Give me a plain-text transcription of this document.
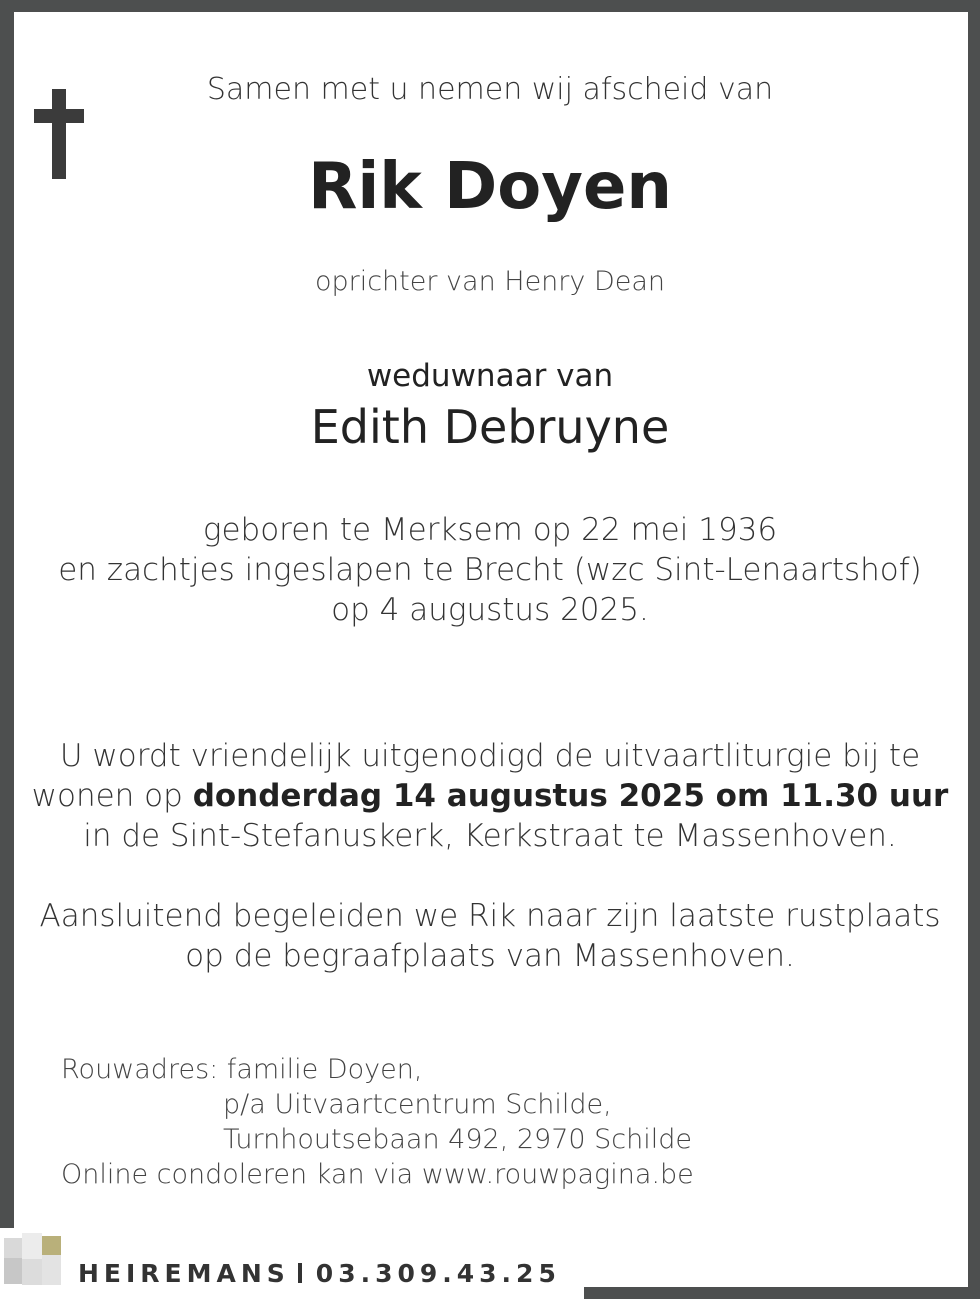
Samen met u nemen wij afscheid van
Rik Doyen
oprichter van Henry Dean
weduwnaar van
Edith Debruyne
geboren te Merksem op 22 mei 1936
en zachtjes ingeslapen te Brecht (wzc Sint-Lenaartshof)
op 4 augustus 2025.
U wordt vriendelijk uitgenodigd de uitvaartliturgie bij te
wonen op donderdag 14 augustus 2025 om 11.30 uur
in de Sint-Stefanuskerk, Kerkstraat te Massenhoven.
Aansluitend begeleiden we Rik naar zijn laatste rustplaats
op de begraafplaats van Massenhoven.
Rouwadres: familie Doyen,
p/a Uitvaartcentrum Schilde,
Turnhoutsebaan 492, 2970 Schilde
Online condoleren kan via www.rouwpagina.be
HEIREMANS 03.309.43.25
